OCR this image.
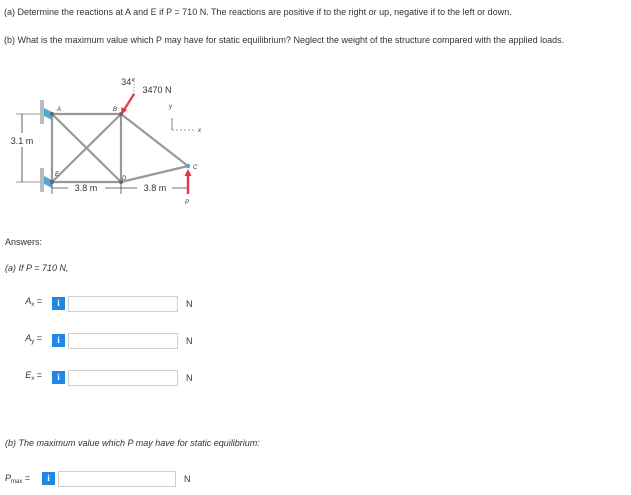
(a) Determine the reactions at A and E if P = 710 N. The reactions are positive if to the right or up, negative if to the left or down.
(b) What is the maximum value which P may have for static equilibrium? Neglect the weight of the structure compared with the applied loads.
3.1 m
3.8 m	3.8 m
34°
3470 N
y
x
A	B
C
D
E
P
Answers:
(a) If P = 710 N,
$A_x$ =	i	N
$A_y$ =	i	N
$E_x$ =	i	N
(b) The maximum value which P may have for static equilibrium:
$P_{max}$ =	i	N
